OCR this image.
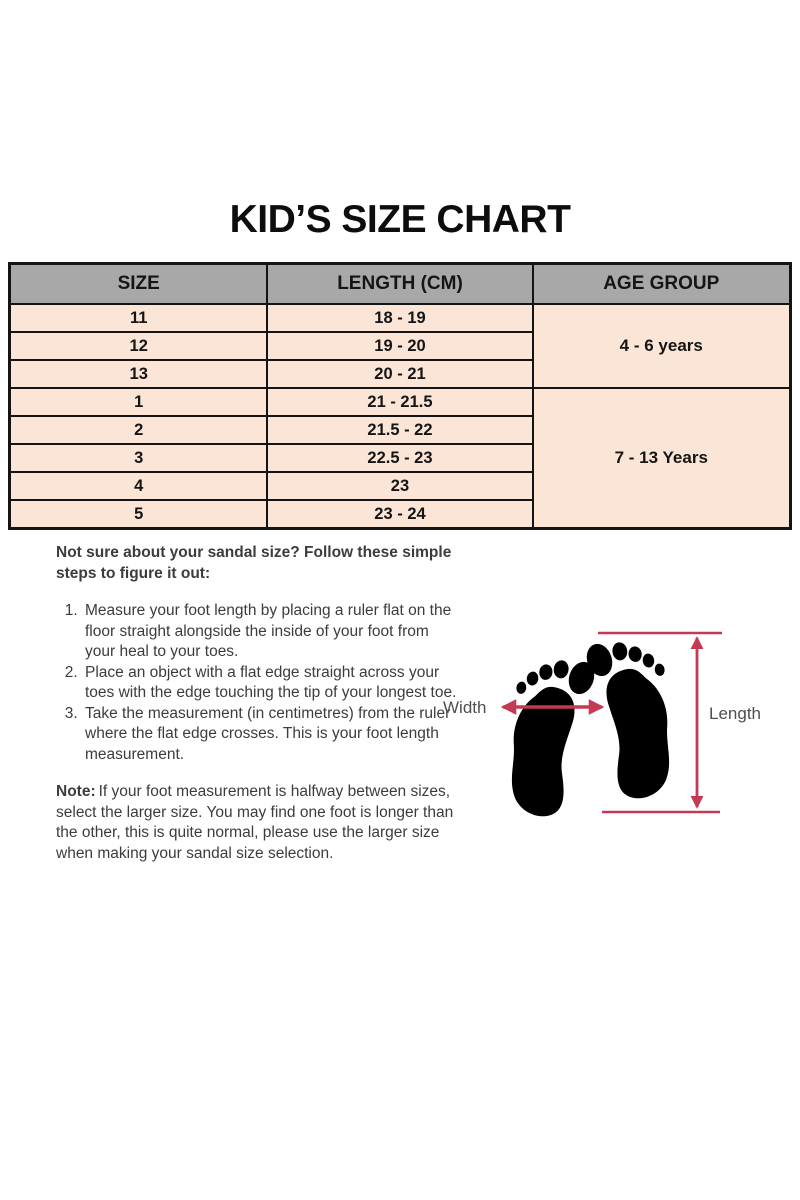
KID’S SIZE CHART
SIZE	LENGTH (CM)	AGE GROUP
11	18 - 19	4 - 6 years
12	19 - 20	
13	20 - 21	
1	21 - 21.5	7 - 13 Years
2	21.5 - 22	
3	22.5 - 23	
4	23	
5	23 - 24	

Not sure about your sandal size? Follow these simple steps to figure it out:

1. Measure your foot length by placing a ruler flat on the floor straight alongside the inside of your foot from your heal to your toes.
2. Place an object with a flat edge straight across your toes with the edge touching the tip of your longest toe.
3. Take the measurement (in centimetres) from the ruler where the flat edge crosses. This is your foot length measurement.

Note: If your foot measurement is halfway between sizes, select the larger size. You may find one foot is longer than the other, this is quite normal, please use the larger size when making your sandal size selection.

Width	Length
